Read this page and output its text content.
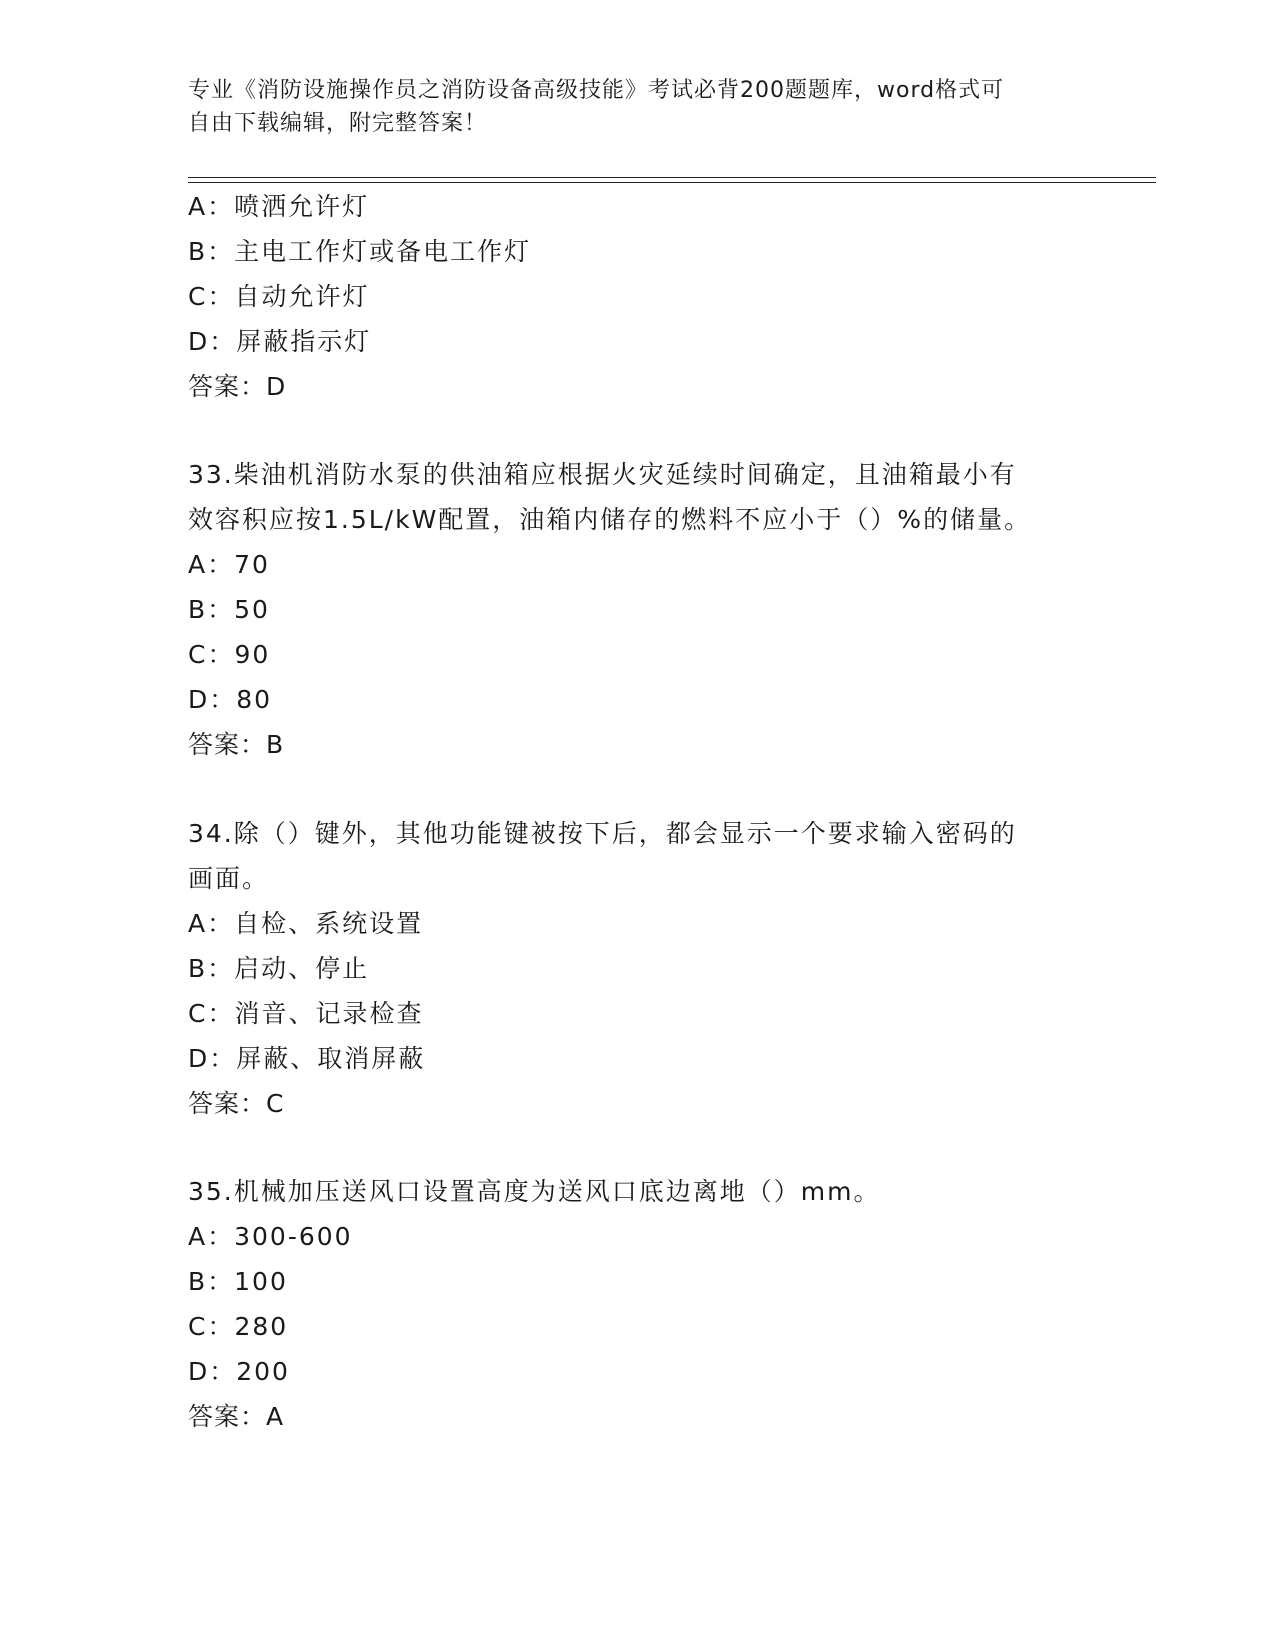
专业《消防设施操作员之消防设备高级技能》考试必背200题题库，word格式可
自由下载编辑，附完整答案！
A：喷洒允许灯
B：主电工作灯或备电工作灯
C：自动允许灯
D：屏蔽指示灯
答案：D
33.柴油机消防水泵的供油箱应根据火灾延续时间确定，且油箱最小有
效容积应按1.5L/kW配置，油箱内储存的燃料不应小于（）%的储量。
A：70
B：50
C：90
D：80
答案：B
34.除（）键外，其他功能键被按下后，都会显示一个要求输入密码的
画面。
A：自检、系统设置
B：启动、停止
C：消音、记录检查
D：屏蔽、取消屏蔽
答案：C
35.机械加压送风口设置高度为送风口底边离地（）mm。
A：300-600
B：100
C：280
D：200
答案：A
